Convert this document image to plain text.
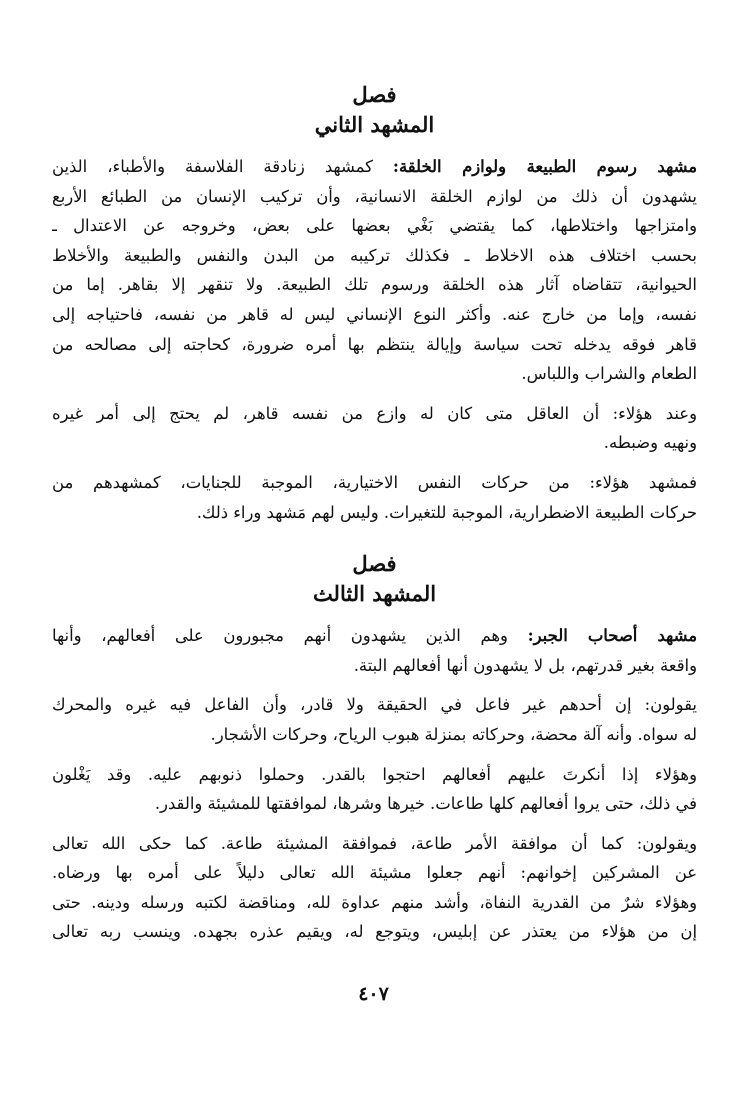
فصل
المشهد الثاني
مشهد رسوم الطبيعة ولوازم الخلقة: كمشهد زنادقة الفلاسفة والأطباء، الذين
يشهدون أن ذلك من لوازم الخلقة الانسانية، وأن تركيب الإنسان من الطبائع الأربع
وامتزاجها واختلاطها، كما يقتضي بَغْي بعضها على بعض، وخروجه عن الاعتدال ـ
بحسب اختلاف هذه الاخلاط ـ فكذلك تركيبه من البدن والنفس والطبيعة والأخلاط
الحيوانية، تتقاضاه آثار هذه الخلقة ورسوم تلك الطبيعة. ولا تنقهر إلا بقاهر. إما من
نفسه، وإما من خارج عنه. وأكثر النوع الإنساني ليس له قاهر من نفسه، فاحتياجه إلى
قاهر فوقه يدخله تحت سياسة وإيالة ينتظم بها أمره ضرورة، كحاجته إلى مصالحه من
الطعام والشراب واللباس.
وعند هؤلاء: أن العاقل متى كان له وازع من نفسه قاهر، لم يحتج إلى أمر غيره
ونهيه وضبطه.
فمشهد هؤلاء: من حركات النفس الاختيارية، الموجبة للجنايات، كمشهدهم من
حركات الطبيعة الاضطرارية، الموجبة للتغيرات. وليس لهم مَشهد وراء ذلك.
فصل
المشهد الثالث
مشهد أصحاب الجبر: وهم الذين يشهدون أنهم مجبورون على أفعالهم، وأنها
واقعة بغير قدرتهم، بل لا يشهدون أنها أفعالهم البتة.
يقولون: إن أحدهم غير فاعل في الحقيقة ولا قادر، وأن الفاعل فيه غيره والمحرك
له سواه. وأنه آلة محضة، وحركاته بمنزلة هبوب الرياح، وحركات الأشجار.
وهؤلاء إذا أنكرتَ عليهم أفعالهم احتجوا بالقدر. وحملوا ذنوبهم عليه. وقد يَغْلون
في ذلك، حتى يروا أفعالهم كلها طاعات. خيرها وشرها، لموافقتها للمشيئة والقدر.
ويقولون: كما أن موافقة الأمر طاعة، فموافقة المشيئة طاعة. كما حكى الله تعالى
عن المشركين إخوانهم: أنهم جعلوا مشيئة الله تعالى دليلاً على أمره بها ورضاه.
وهؤلاء شرٌ من القدرية النفاة، وأشد منهم عداوة لله، ومناقضة لكتبه ورسله ودينه. حتى
إن من هؤلاء من يعتذر عن إبليس، ويتوجع له، ويقيم عذره بجهده. وينسب ربه تعالى
٤٠٧
